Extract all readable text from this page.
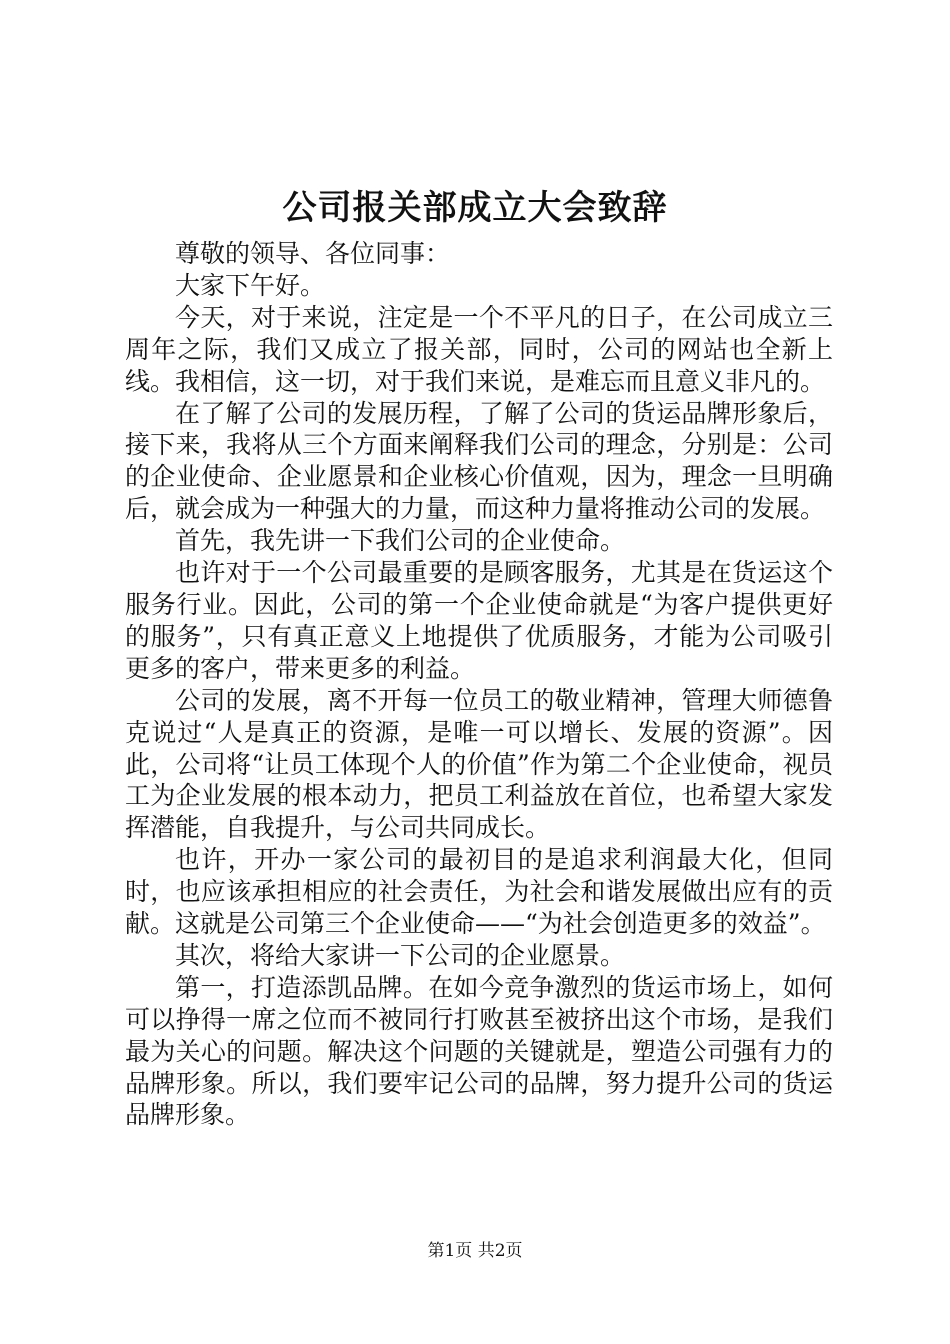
公司报关部成立大会致辞

尊敬的领导、各位同事：

大家下午好。

今天，对于来说，注定是一个不平凡的日子，在公司成立三周年之际，我们又成立了报关部，同时，公司的网站也全新上线。我相信，这一切，对于我们来说，是难忘而且意义非凡的。

在了解了公司的发展历程，了解了公司的货运品牌形象后，接下来，我将从三个方面来阐释我们公司的理念，分别是：公司的企业使命、企业愿景和企业核心价值观，因为，理念一旦明确后，就会成为一种强大的力量，而这种力量将推动公司的发展。

首先，我先讲一下我们公司的企业使命。

也许对于一个公司最重要的是顾客服务，尤其是在货运这个服务行业。因此，公司的第一个企业使命就是“为客户提供更好的服务”，只有真正意义上地提供了优质服务，才能为公司吸引更多的客户，带来更多的利益。

公司的发展，离不开每一位员工的敬业精神，管理大师德鲁克说过“人是真正的资源，是唯一可以增长、发展的资源”。因此，公司将“让员工体现个人的价值”作为第二个企业使命，视员工为企业发展的根本动力，把员工利益放在首位，也希望大家发挥潜能，自我提升，与公司共同成长。

也许，开办一家公司的最初目的是追求利润最大化，但同时，也应该承担相应的社会责任，为社会和谐发展做出应有的贡献。这就是公司第三个企业使命——“为社会创造更多的效益”。

其次，将给大家讲一下公司的企业愿景。

第一，打造添凯品牌。在如今竞争激烈的货运市场上，如何可以挣得一席之位而不被同行打败甚至被挤出这个市场，是我们最为关心的问题。解决这个问题的关键就是，塑造公司强有力的品牌形象。所以，我们要牢记公司的品牌，努力提升公司的货运品牌形象。

第1页 共2页
